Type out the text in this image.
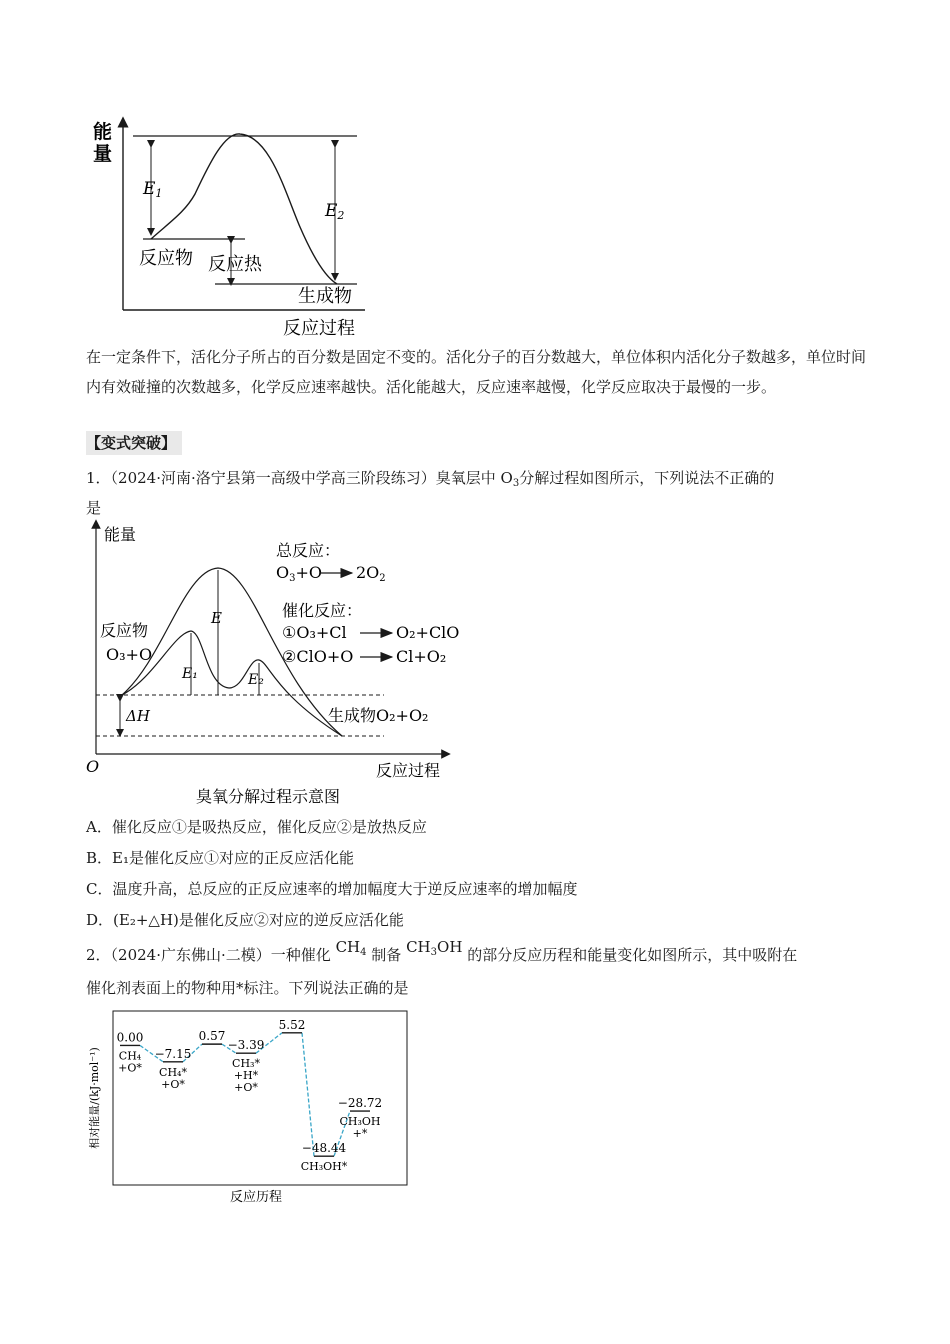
能
量
E1
E2
反应物 反应热
生成物
反应过程
在一定条件下，活化分子所占的百分数是固定不变的。活化分子的百分数越大，单位体积内活化分子数越多，单位时间内有效碰撞的次数越多，化学反应速率越快。活化能越大，反应速率越慢，化学反应取决于最慢的一步。
【变式突破】
1．（2024·河南·洛宁县第一高级中学高三阶段练习）臭氧层中 $O_3$分解过程如图所示，下列说法不正确的
是
能量
O	反应过程
ΔH
E
E₁	E₂
反应物
O₃+O
生成物O₂+O₂
总反应：
O3+O 2O2
催化反应：
①O₃+Cl	O₂+ClO
②ClO+O	Cl+O₂
臭氧分解过程示意图
A．催化反应①是吸热反应，催化反应②是放热反应
B．E₁是催化反应①对应的正反应活化能
C．温度升高，总反应的正反应速率的增加幅度大于逆反应速率的增加幅度
D．(E₂+△H)是催化反应②对应的逆反应活化能
2．（2024·广东佛山·二模）一种催化 $CH_4$ 制备 $CH_3OH$ 的部分反应历程和能量变化如图所示，其中吸附在
催化剂表面上的物种用*标注。下列说法正确的是
相对能量/(kJ·mol⁻¹)
反应历程
0.00
CH₄
+O*
−7.15
CH₄*
+O*
0.57
−3.39
CH₃*
+H*
+O*
5.52
−48.44
CH₃OH*
−28.72
CH₃OH
+*
